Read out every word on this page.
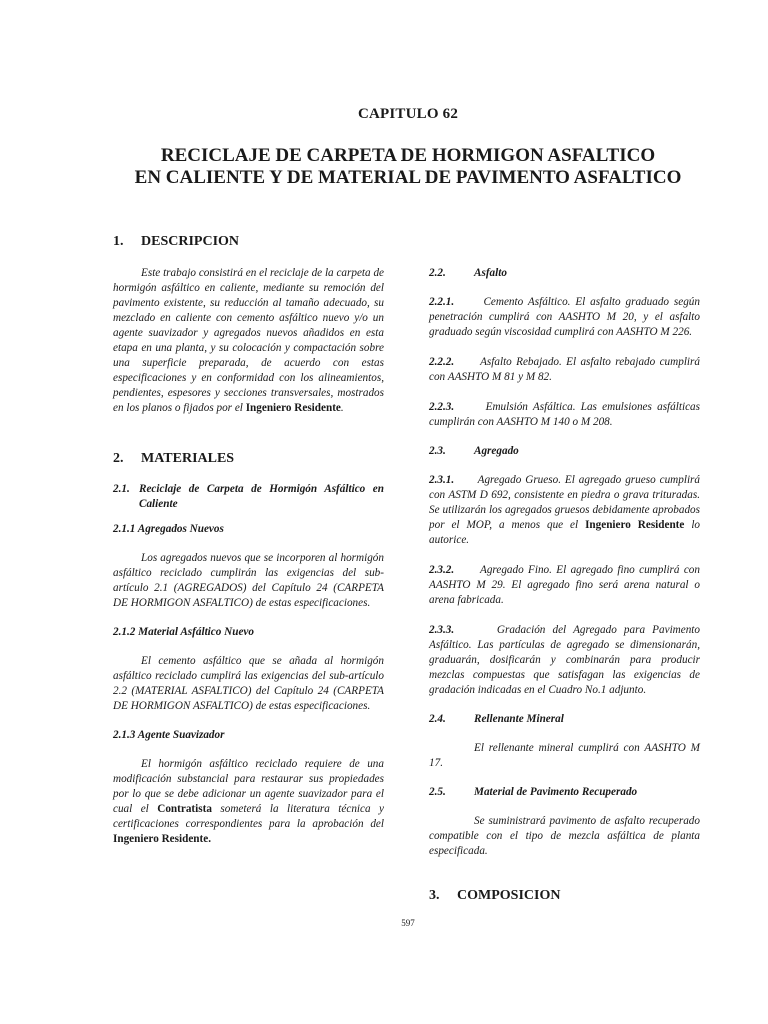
CAPITULO 62
RECICLAJE DE CARPETA DE HORMIGON ASFALTICO
EN CALIENTE Y DE MATERIAL DE PAVIMENTO ASFALTICO
1. DESCRIPCION

Este trabajo consistirá en el reciclaje de la carpeta de hormigón asfáltico en caliente, mediante su remoción del pavimento existente, su reducción al tamaño adecuado, su mezclado en caliente con cemento asfáltico nuevo y/o un agente suavizador y agregados nuevos añadidos en esta etapa en una planta, y su colocación y compactación sobre una superficie preparada, de acuerdo con estas especificaciones y en conformidad con los alineamientos, pendientes, espesores y secciones transversales, mostrados en los planos o fijados por el Ingeniero Residente.

2. MATERIALES
2.1. Reciclaje de Carpeta de Hormigón Asfáltico en Caliente
2.1.1 Agregados Nuevos

Los agregados nuevos que se incorporen al hormigón asfáltico reciclado cumplirán las exigencias del sub-artículo 2.1 (AGREGADOS) del Capítulo 24 (CARPETA DE HORMIGON ASFALTICO) de estas especificaciones.

2.1.2 Material Asfáltico Nuevo

El cemento asfáltico que se añada al hormigón asfáltico reciclado cumplirá las exigencias del sub-artículo 2.2 (MATERIAL ASFALTICO) del Capítulo 24 (CARPETA DE HORMIGON ASFALTICO) de estas especificaciones.

2.1.3 Agente Suavizador

El hormigón asfáltico reciclado requiere de una modificación substancial para restaurar sus propiedades por lo que se debe adicionar un agente suavizador para el cual el Contratista someterá la literatura técnica y certificaciones correspondientes para la aprobación del Ingeniero Residente.

2.2.	Asfalto

2.2.1.	Cemento Asfáltico. El asfalto graduado según penetración cumplirá con AASHTO M 20, y el asfalto graduado según viscosidad cumplirá con AASHTO M 226.

2.2.2. Asfalto Rebajado. El asfalto rebajado cumplirá con AASHTO M 81 y M 82.

2.2.3.	Emulsión Asfáltica. Las emulsiones asfálticas cumplirán con AASHTO M 140 o M 208.

2.3.	Agregado

2.3.1. Agregado Grueso. El agregado grueso cumplirá con ASTM D 692, consistente en piedra o grava trituradas. Se utilizarán los agregados gruesos debidamente aprobados por el MOP, a menos que el Ingeniero Residente lo autorice.

2.3.2. Agregado Fino. El agregado fino cumplirá con AASHTO M 29. El agregado fino será arena natural o arena fabricada.

2.3.3.	Gradación del Agregado para Pavimento Asfáltico. Las partículas de agregado se dimensionarán, graduarán, dosificarán y combinarán para producir mezclas compuestas que satisfagan las exigencias de gradación indicadas en el Cuadro No.1 adjunto.

2.4.	Rellenante Mineral

El rellenante mineral cumplirá con AASHTO M 17.

2.5.	Material de Pavimento Recuperado

Se suministrará pavimento de asfalto recuperado compatible con el tipo de mezcla asfáltica de planta especificada.

3. COMPOSICION
597
